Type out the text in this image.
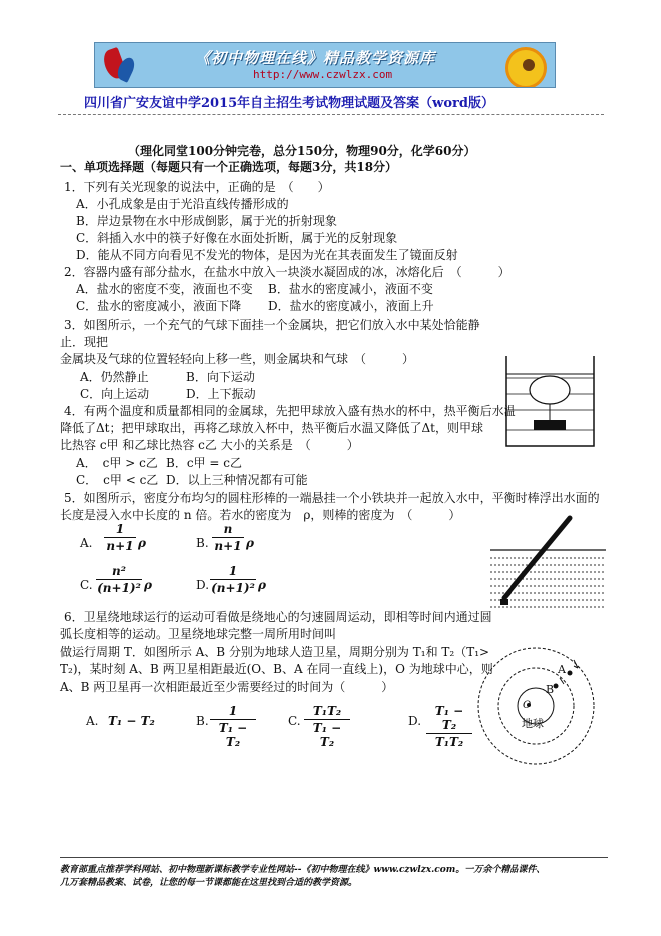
《初中物理在线》精品教学资源库
http://www.czwlzx.com
四川省广安友谊中学2015年自主招生考试物理试题及答案（word版）
（理化同堂100分钟完卷，总分150分，物理90分，化学60分）
一、单项选择题（每题只有一个正确选项，每题3分，共18分）
1．下列有关光现象的说法中，正确的是　（　　）
A．小孔成象是由于光沿直线传播形成的
B．岸边景物在水中形成倒影，属于光的折射现象
C．斜插入水中的筷子好像在水面处折断，属于光的反射现象
D．能从不同方向看见不发光的物体，是因为光在其表面发生了镜面反射
2．容器内盛有部分盐水，在盐水中放入一块淡水凝固成的冰，冰熔化后　（　　　）
A．盐水的密度不变，液面也不变 B．盐水的密度减小，液面不变
C．盐水的密度减小，液面下降 D．盐水的密度减小，液面上升
3．如图所示，一个充气的气球下面挂一个金属块，把它们放入水中某处恰能静
止．现把
金属块及气球的位置轻轻向上移一些，则金属块和气球　（　　　）
A．仍然静止	B．向下运动
C．向上运动	D．上下振动
4．有两个温度和质量都相同的金属球，先把甲球放入盛有热水的杯中，热平衡后水温
降低了Δt；把甲球取出，再将乙球放入杯中，热平衡后水温又降低了Δt，则甲球
比热容 c甲 和乙球比热容 c乙 大小的关系是　（　　　）
A．　c甲 > c乙 B．c甲 = c乙
C．　c甲 < c乙 D．以上三种情况都有可能
5．如图所示，密度分布均匀的圆柱形棒的一端悬挂一个小铁块并一起放入水中，平衡时棒浮出水面的
长度是浸入水中长度的 n 倍。若水的密度为　ρ，则棒的密度为　（　　　）
A.
1
n+1 ρ	B.
n
n+1 ρ
C.
n²
(n+1)² ρ	D.
1
(n+1)² ρ
6．卫星绕地球运行的运动可看做是绕地心的匀速圆周运动，即相等时间内通过圆
弧长度相等的运动。卫星绕地球完整一周所用时间叫
做运行周期 T．如图所示 A、B 分别为地球人造卫星，周期分别为 T₁和 T₂（T₁>
T₂)，某时刻 A、B 两卫星相距最近(O、B、A 在同一直线上)，O 为地球中心，则
A、B 两卫星再一次相距最近至少需要经过的时间为（　　　）
A. T₁ − T₂	B.
1
T₁ − T₂
C.
T₁T₂
T₁ − T₂
D.
T₁ − T₂
T₁T₂
A
B
O
地球
教育部重点推荐学科网站、初中物理新课标教学专业性网站--《初中物理在线》www.czwlzx.com。一万余个精品课件、
几万套精品教案、试卷，让您的每一节课都能在这里找到合适的教学资源。
